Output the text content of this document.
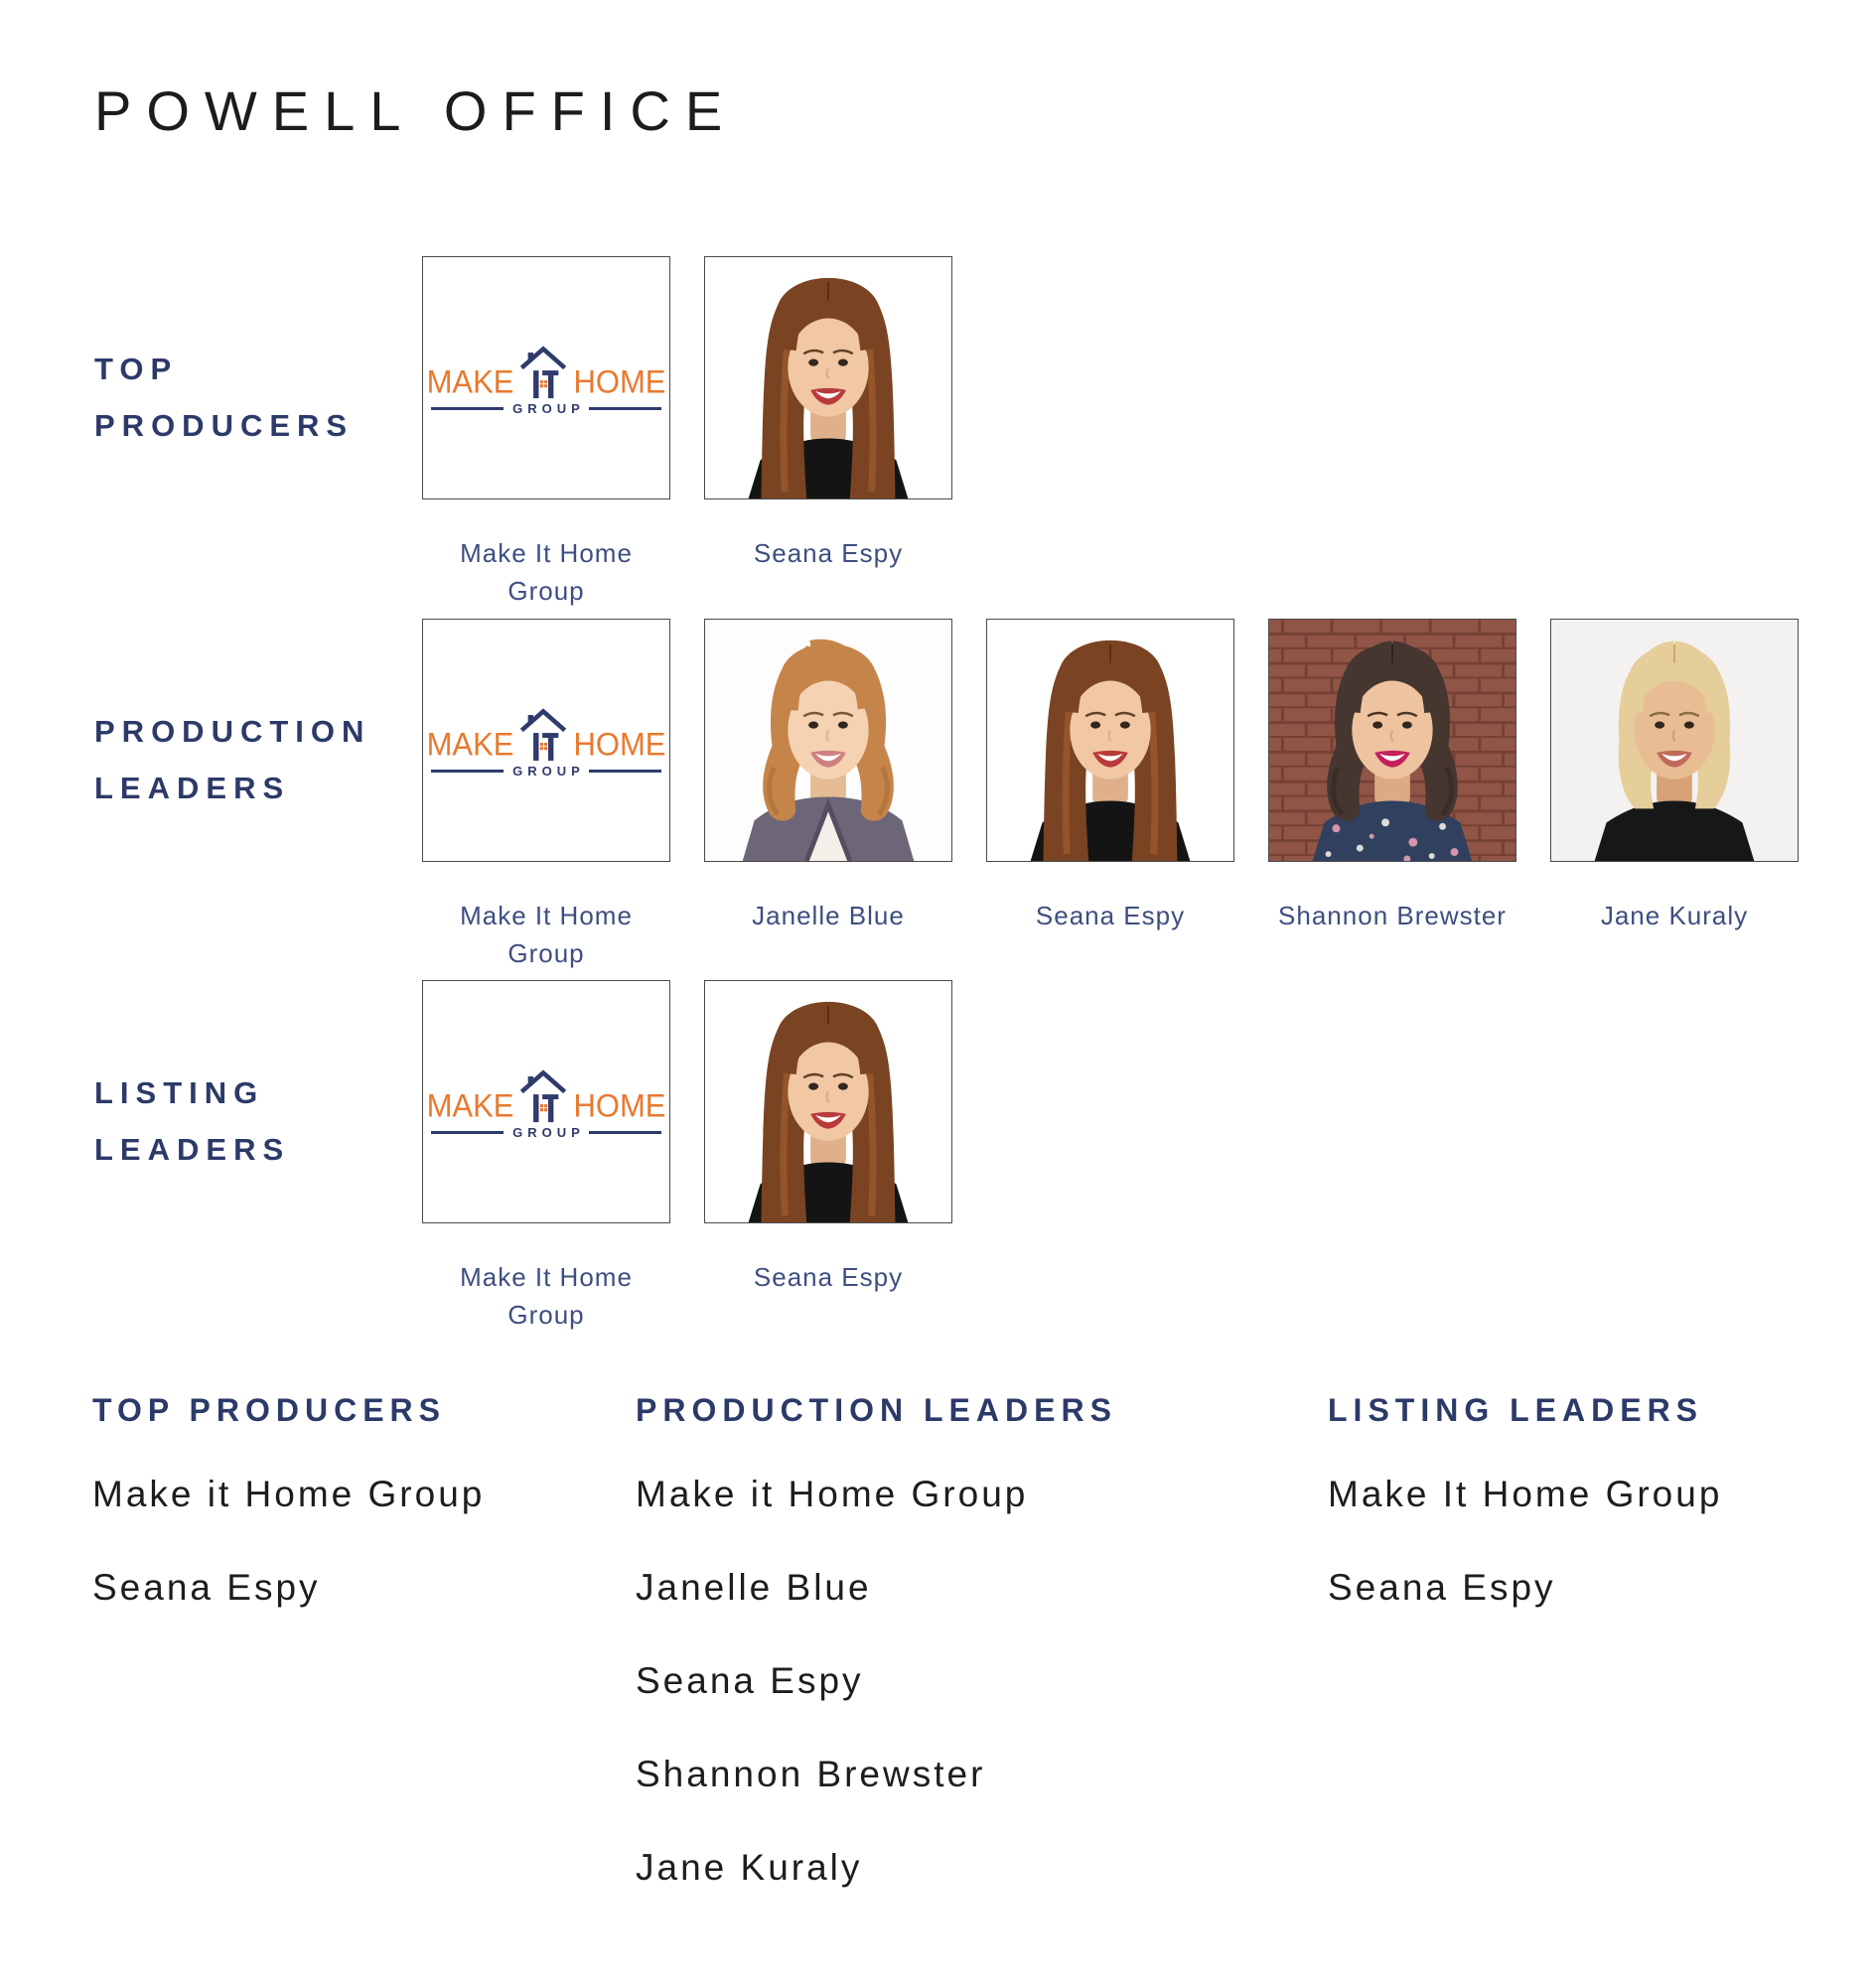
POWELL OFFICE
TOP
PRODUCERS
MAKE HOME
GROUP
Make It Home
Group
Seana Espy
PRODUCTION
LEADERS
MAKE HOME
GROUP
Make It Home
Group
Janelle Blue	Seana Espy	Shannon Brewster	Jane Kuraly
LISTING
LEADERS
MAKE HOME
GROUP
Make It Home
Group
Seana Espy
TOP PRODUCERS
Make it Home Group
Seana Espy
PRODUCTION LEADERS
Make it Home Group
Janelle Blue
Seana Espy
Shannon Brewster
Jane Kuraly
LISTING LEADERS
Make It Home Group
Seana Espy
